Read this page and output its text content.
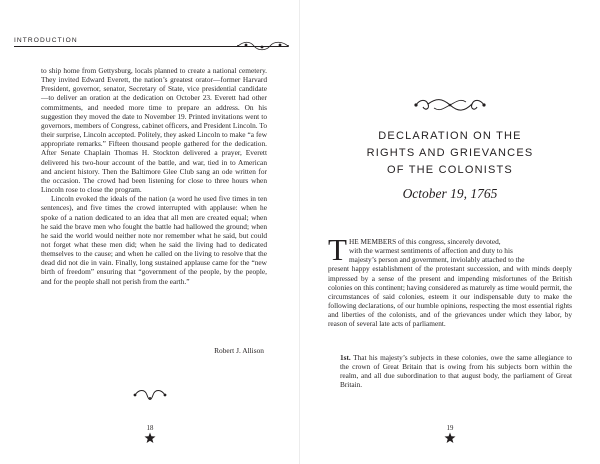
INTRODUCTION

to ship home from Gettysburg, locals planned to create a national cemetery. They invited Edward Everett, the nation’s greatest orator—former Harvard President, governor, senator, Secretary of State, vice presidential candidate—to deliver an oration at the dedication on October 23. Everett had other commitments, and needed more time to prepare an address. On his suggestion they moved the date to November 19. Printed invitations went to governors, members of Congress, cabinet officers, and President Lincoln. To their surprise, Lincoln accepted. Politely, they asked Lincoln to make “a few appropriate remarks.” Fifteen thousand people gathered for the dedication. After Senate Chaplain Thomas H. Stockton delivered a prayer, Everett delivered his two-hour account of the battle, and war, tied in to American and ancient history. Then the Baltimore Glee Club sang an ode written for the occasion. The crowd had been listening for close to three hours when Lincoln rose to close the program.

Lincoln evoked the ideals of the nation (a word he used five times in ten sentences), and five times the crowd interrupted with applause: when he spoke of a nation dedicated to an idea that all men are created equal; when he said the brave men who fought the battle had hallowed the ground; when he said the world would neither note nor remember what he said, but could not forget what these men did; when he said the living had to dedicated themselves to the cause; and when he called on the living to resolve that the dead did not die in vain. Finally, long sustained applause came for the “new birth of freedom” ensuring that “government of the people, by the people, and for the people shall not perish from the earth.”

Robert J. Allison
18
DECLARATION ON THE
RIGHTS AND GRIEVANCES
OF THE COLONISTS
October 19, 1765
T HE MEMBERS of this congress, sincerely devoted,

with the warmest sentiments of affection and duty to his

majesty’s person and government, inviolably attached to the

present happy establishment of the protestant succession, and with minds deeply impressed by a sense of the present and impending misfortunes of the British colonies on this continent; having considered as maturely as time would permit, the circumstances of said colonies, esteem it our indispensable duty to make the following declarations, of our humble opinions, respecting the most essential rights and liberties of the colonists, and of the grievances under which they labor, by reason of several late acts of parliament.

1st. That his majesty’s subjects in these colonies, owe the same allegiance to the crown of Great Britain that is owing from his subjects born within the realm, and all due subordination to that august body, the parliament of Great Britain.
19
